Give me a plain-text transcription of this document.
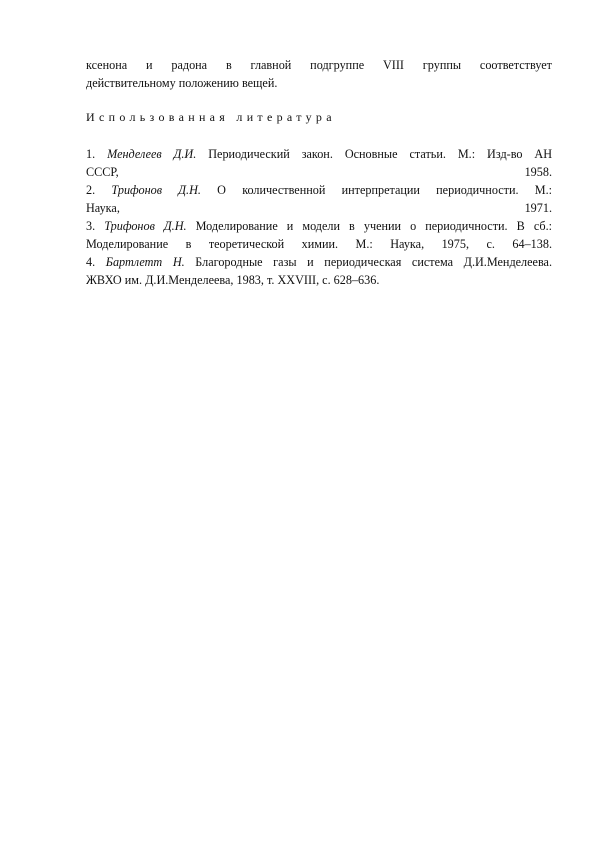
ксенона и радона в главной подгруппе VIII группы соответствует
действительному положению вещей.
Использованная литература
1. Менделеев Д.И. Периодический закон. Основные статьи. М.: Изд-во АН
СССР,	1958.
2. Трифонов Д.Н. О количественной интерпретации периодичности. М.:
Наука,	1971.
3. Трифонов Д.Н. Моделирование и модели в учении о периодичности. В сб.:
Моделирование в теоретической химии. М.: Наука, 1975, с. 64–138.
4. Бартлетт Н. Благородные газы и периодическая система Д.И.Менделеева.
ЖВХО им. Д.И.Менделеева, 1983, т. XXVIII, с. 628–636.
